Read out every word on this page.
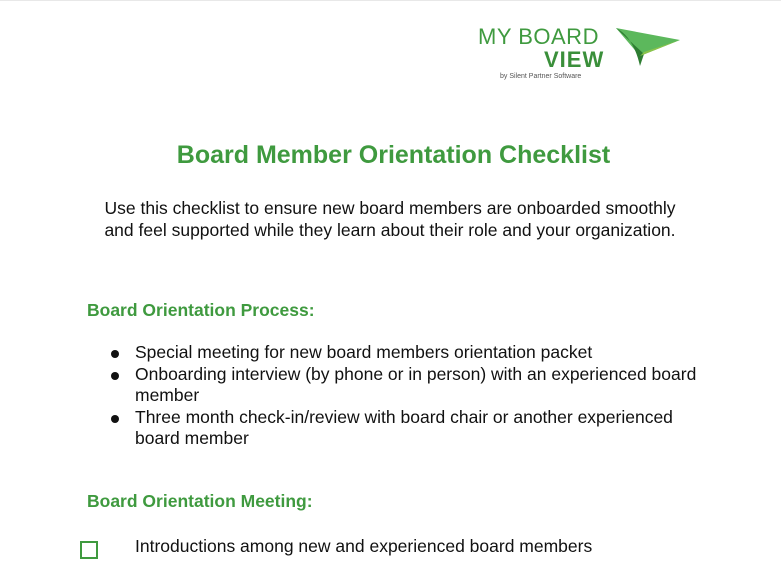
MY BOARD
VIEW
by Silent Partner Software
Board Member Orientation Checklist
Use this checklist to ensure new board members are onboarded smoothly and feel supported while they learn about their role and your organization.
Board Orientation Process:
Special meeting for new board members orientation packet
Onboarding interview (by phone or in person) with an experienced board member
Three month check-in/review with board chair or another experienced board member
Board Orientation Meeting:
Introductions among new and experienced board members
